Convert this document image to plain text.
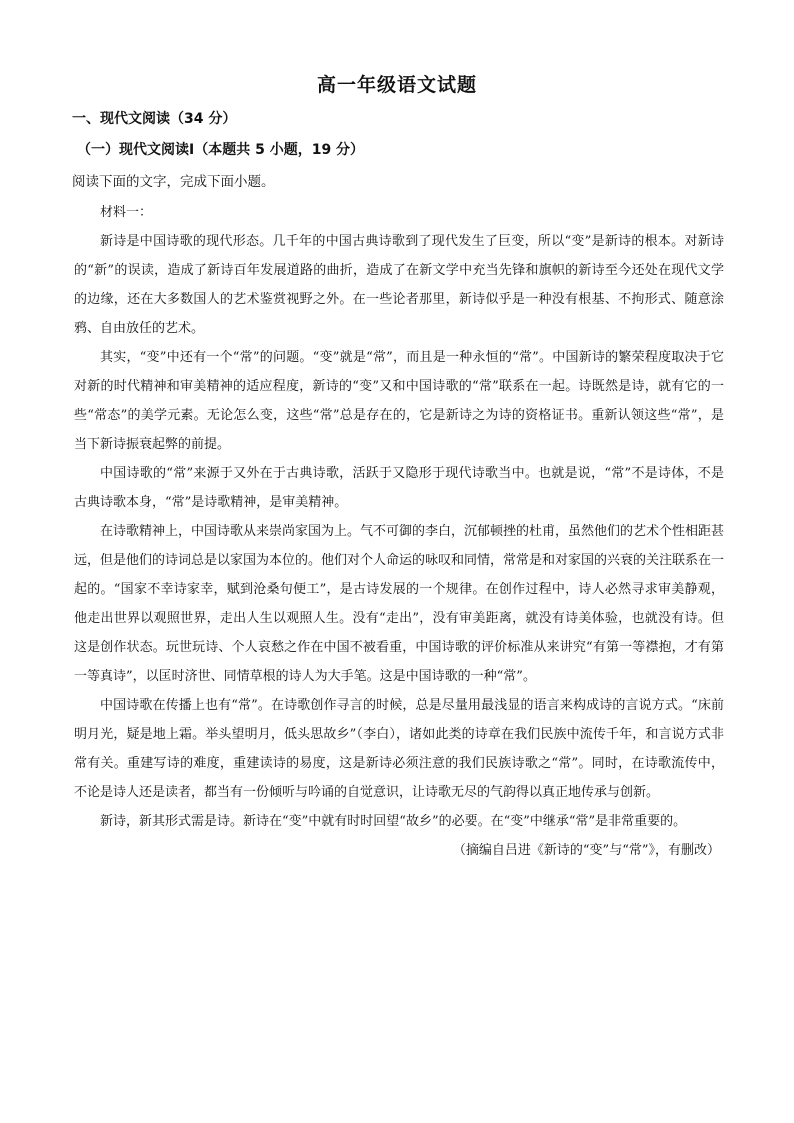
高一年级语文试题
一、现代文阅读（34 分）
（一）现代文阅读Ⅰ（本题共 5 小题，19 分）
阅读下面的文字，完成下面小题。

材料一：

新诗是中国诗歌的现代形态。几千年的中国古典诗歌到了现代发生了巨变，所以“变”是新诗的根本。对新诗的“新”的误读，造成了新诗百年发展道路的曲折，造成了在新文学中充当先锋和旗帜的新诗至今还处在现代文学的边缘，还在大多数国人的艺术鉴赏视野之外。在一些论者那里，新诗似乎是一种没有根基、不拘形式、随意涂鸦、自由放任的艺术。

其实，“变”中还有一个“常”的问题。“变”就是“常”，而且是一种永恒的“常”。中国新诗的繁荣程度取决于它对新的时代精神和审美精神的适应程度，新诗的“变”又和中国诗歌的“常”联系在一起。诗既然是诗，就有它的一些“常态”的美学元素。无论怎么变，这些“常”总是存在的，它是新诗之为诗的资格证书。重新认领这些“常”，是当下新诗振衰起弊的前提。

中国诗歌的“常”来源于又外在于古典诗歌，活跃于又隐形于现代诗歌当中。也就是说，“常”不是诗体，不是古典诗歌本身，“常”是诗歌精神，是审美精神。

在诗歌精神上，中国诗歌从来崇尚家国为上。气不可御的李白，沉郁顿挫的杜甫，虽然他们的艺术个性相距甚远，但是他们的诗词总是以家国为本位的。他们对个人命运的咏叹和同情，常常是和对家国的兴衰的关注联系在一起的。“国家不幸诗家幸，赋到沧桑句便工”，是古诗发展的一个规律。在创作过程中，诗人必然寻求审美静观，他走出世界以观照世界，走出人生以观照人生。没有“走出”，没有审美距离，就没有诗美体验，也就没有诗。但这是创作状态。玩世玩诗、个人哀愁之作在中国不被看重，中国诗歌的评价标准从来讲究“有第一等襟抱，才有第一等真诗”，以匡时济世、同情草根的诗人为大手笔。这是中国诗歌的一种“常”。

中国诗歌在传播上也有“常”。在诗歌创作寻言的时候，总是尽量用最浅显的语言来构成诗的言说方式。“床前明月光，疑是地上霜。举头望明月，低头思故乡”（李白），诸如此类的诗章在我们民族中流传千年，和言说方式非常有关。重建写诗的难度，重建读诗的易度，这是新诗必须注意的我们民族诗歌之“常”。同时，在诗歌流传中，不论是诗人还是读者，都当有一份倾听与吟诵的自觉意识，让诗歌无尽的气韵得以真正地传承与创新。

新诗，新其形式需是诗。新诗在“变”中就有时时回望“故乡”的必要。在“变”中继承“常”是非常重要的。

（摘编自吕进《新诗的“变”与“常”》，有删改）
